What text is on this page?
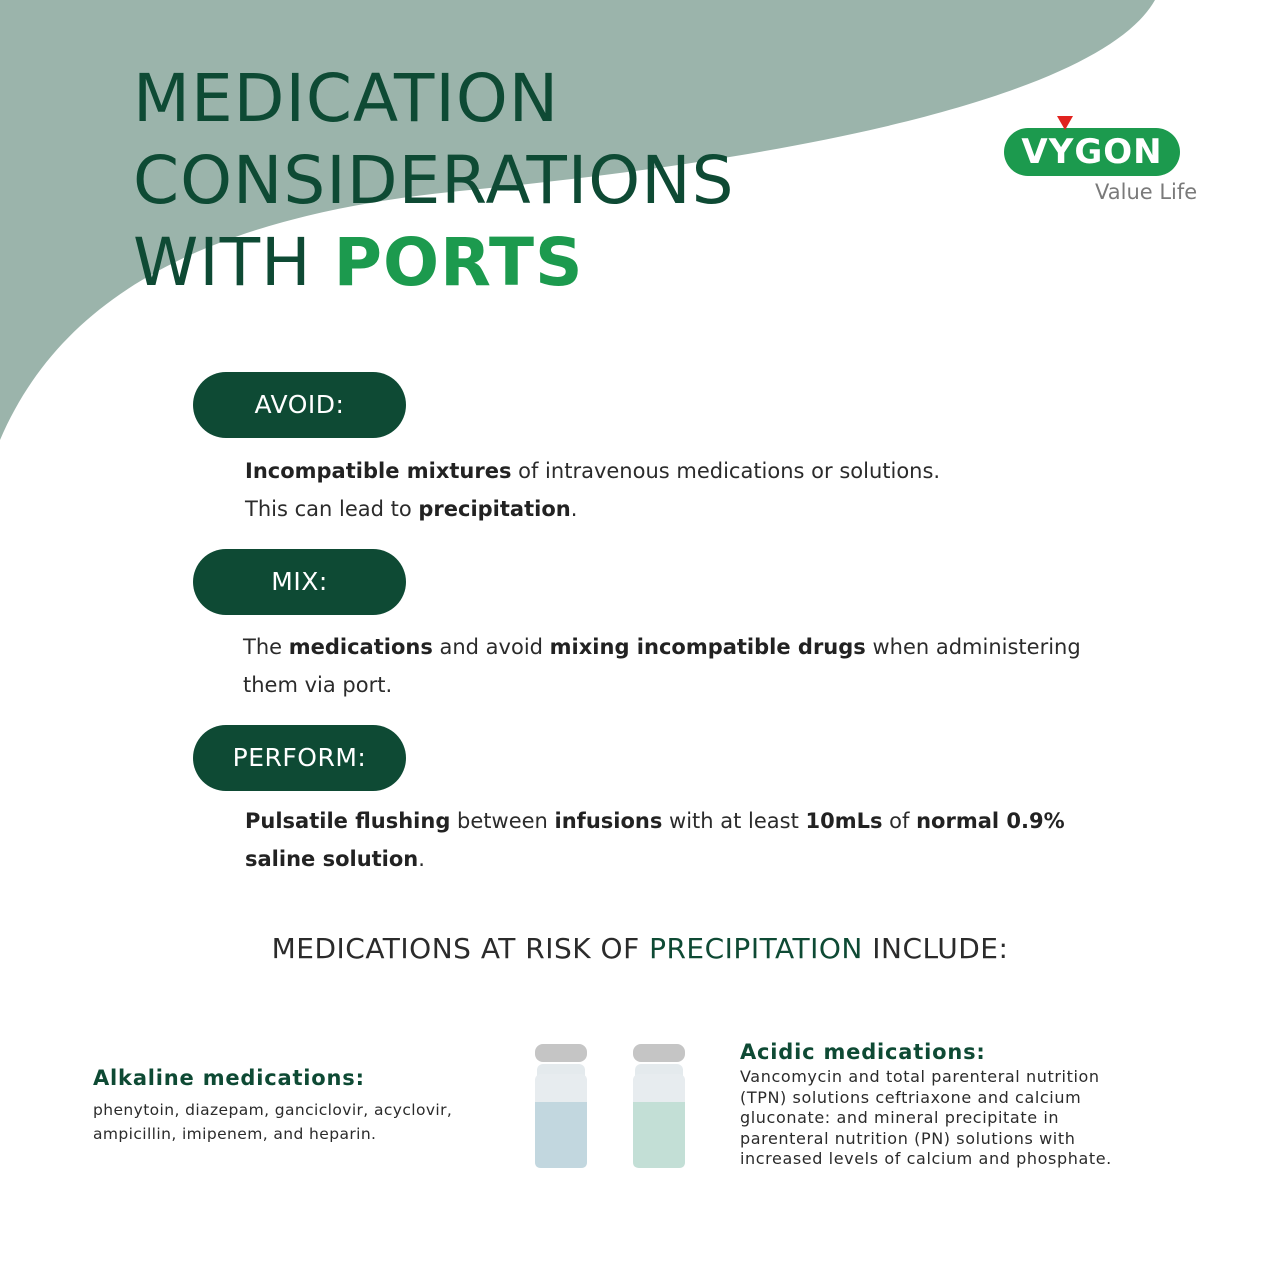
MEDICATION
CONSIDERATIONS
WITH PORTS
VYGON
Value Life
AVOID:

Incompatible mixtures of intravenous medications or solutions.
This can lead to precipitation.

MIX:

The medications and avoid mixing incompatible drugs when administering them via port.

PERFORM:

Pulsatile flushing between infusions with at least 10mLs of normal 0.9% saline solution.

MEDICATIONS AT RISK OF PRECIPITATION INCLUDE:
Alkaline medications:
phenytoin, diazepam, ganciclovir, acyclovir, ampicillin, imipenem, and heparin.
Acidic medications:
Vancomycin and total parenteral nutrition (TPN) solutions ceftriaxone and calcium gluconate: and mineral precipitate in parenteral nutrition (PN) solutions with increased levels of calcium and phosphate.
